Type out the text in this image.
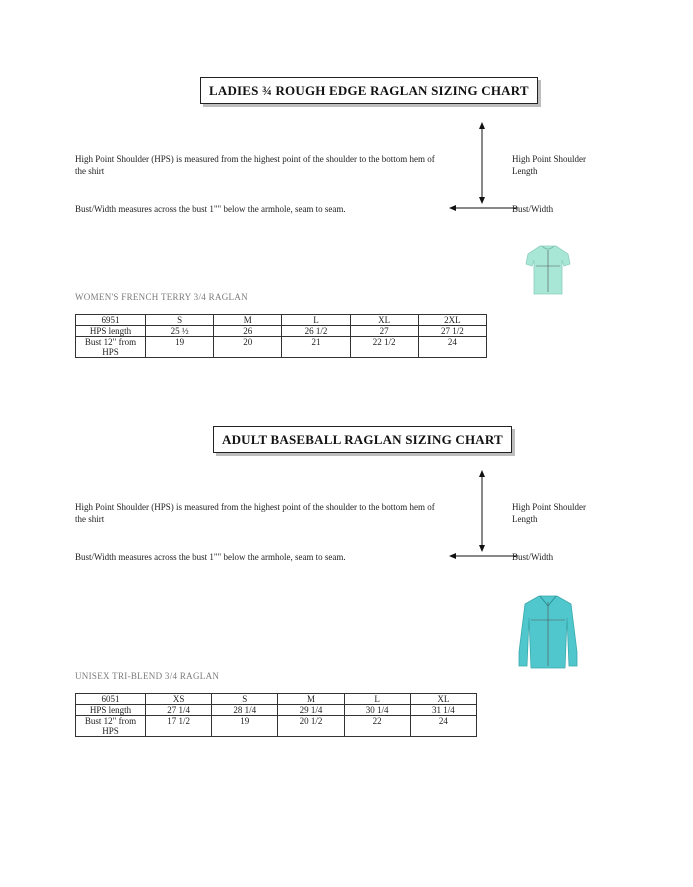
LADIES ¾ ROUGH EDGE RAGLAN SIZING CHART
High Point Shoulder (HPS) is measured from the highest point of the shoulder to the bottom hem of the shirt
Bust/Width measures across the bust 1"" below the armhole, seam to seam.
High Point Shoulder Length
Bust/Width
WOMEN'S FRENCH TERRY 3/4 RAGLAN
6951	S	M	L	XL	2XL
HPS length	25 ½	26	26 1/2	27	27 1/2
Bust 12" from HPS	19	20	21	22 1/2	24
ADULT BASEBALL RAGLAN SIZING CHART
High Point Shoulder (HPS) is measured from the highest point of the shoulder to the bottom hem of the shirt
Bust/Width measures across the bust 1"" below the armhole, seam to seam.
High Point Shoulder Length
Bust/Width
UNISEX TRI-BLEND 3/4 RAGLAN
6051	XS	S	M	L	XL
HPS length	27 1/4	28 1/4	29 1/4	30 1/4	31 1/4
Bust 12" from HPS	17 1/2	19	20 1/2	22	24
